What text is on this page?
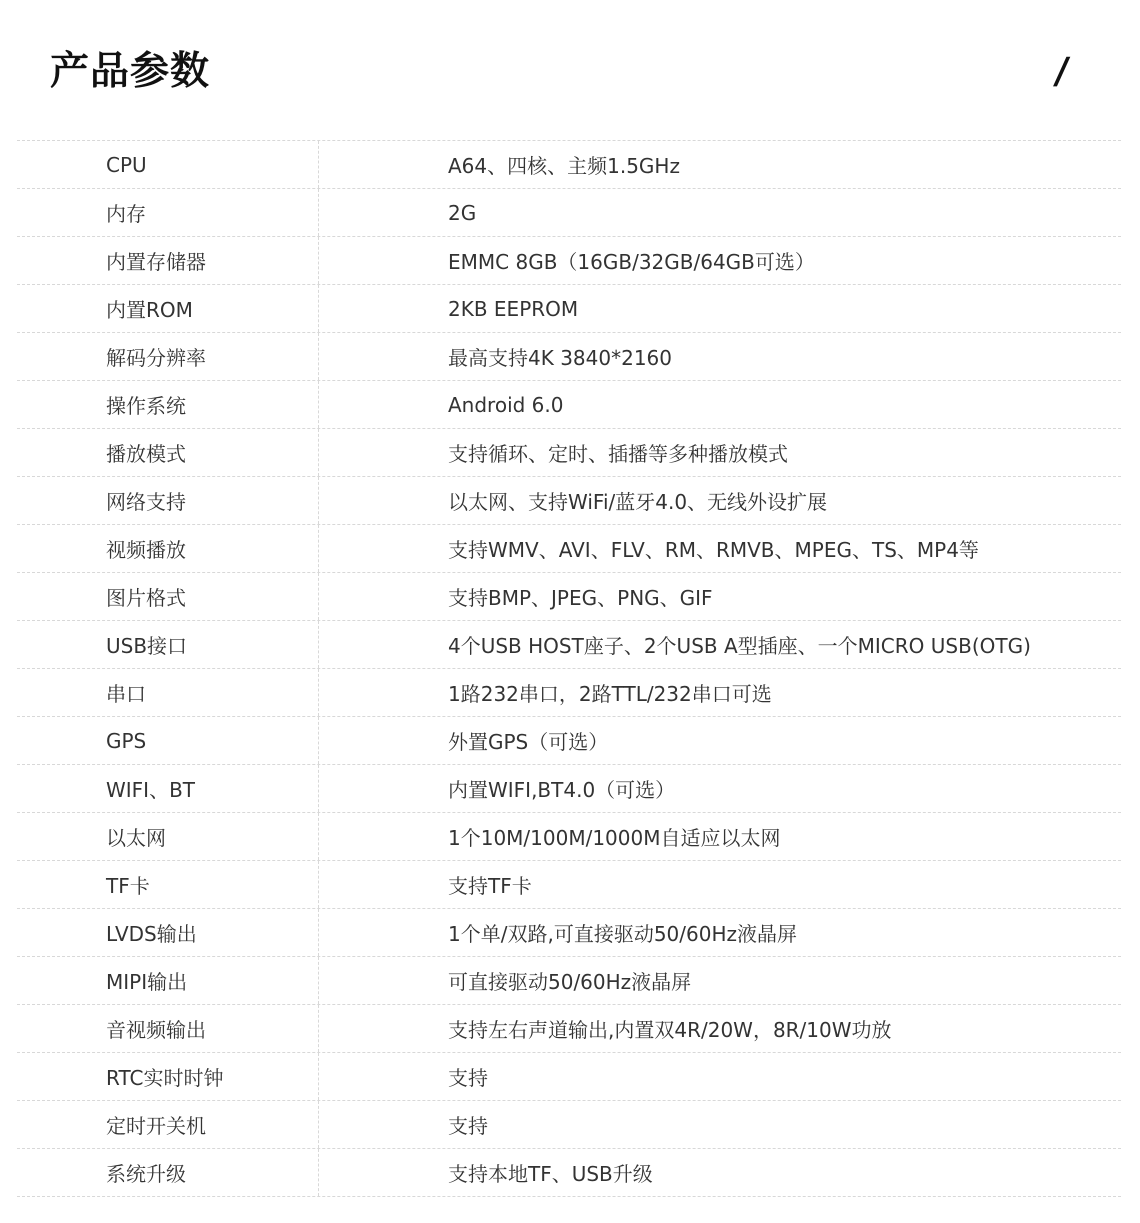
产品参数	/
CPU	A64、四核、主频1.5GHz
内存	2G
内置存储器	EMMC 8GB（16GB/32GB/64GB可选）
内置ROM	2KB EEPROM
解码分辨率	最高支持4K 3840*2160
操作系统	Android 6.0
播放模式	支持循环、定时、插播等多种播放模式
网络支持	以太网、支持WiFi/蓝牙4.0、无线外设扩展
视频播放	支持WMV、AVI、FLV、RM、RMVB、MPEG、TS、MP4等
图片格式	支持BMP、JPEG、PNG、GIF
USB接口	4个USB HOST座子、2个USB A型插座、一个MICRO USB(OTG)
串口	1路232串口，2路TTL/232串口可选
GPS	外置GPS（可选）
WIFI、BT	内置WIFI,BT4.0（可选）
以太网	1个10M/100M/1000M自适应以太网
TF卡	支持TF卡
LVDS输出	1个单/双路,可直接驱动50/60Hz液晶屏
MIPI输出	可直接驱动50/60Hz液晶屏
音视频输出	支持左右声道输出,内置双4R/20W，8R/10W功放
RTC实时时钟	支持
定时开关机	支持
系统升级	支持本地TF、USB升级
